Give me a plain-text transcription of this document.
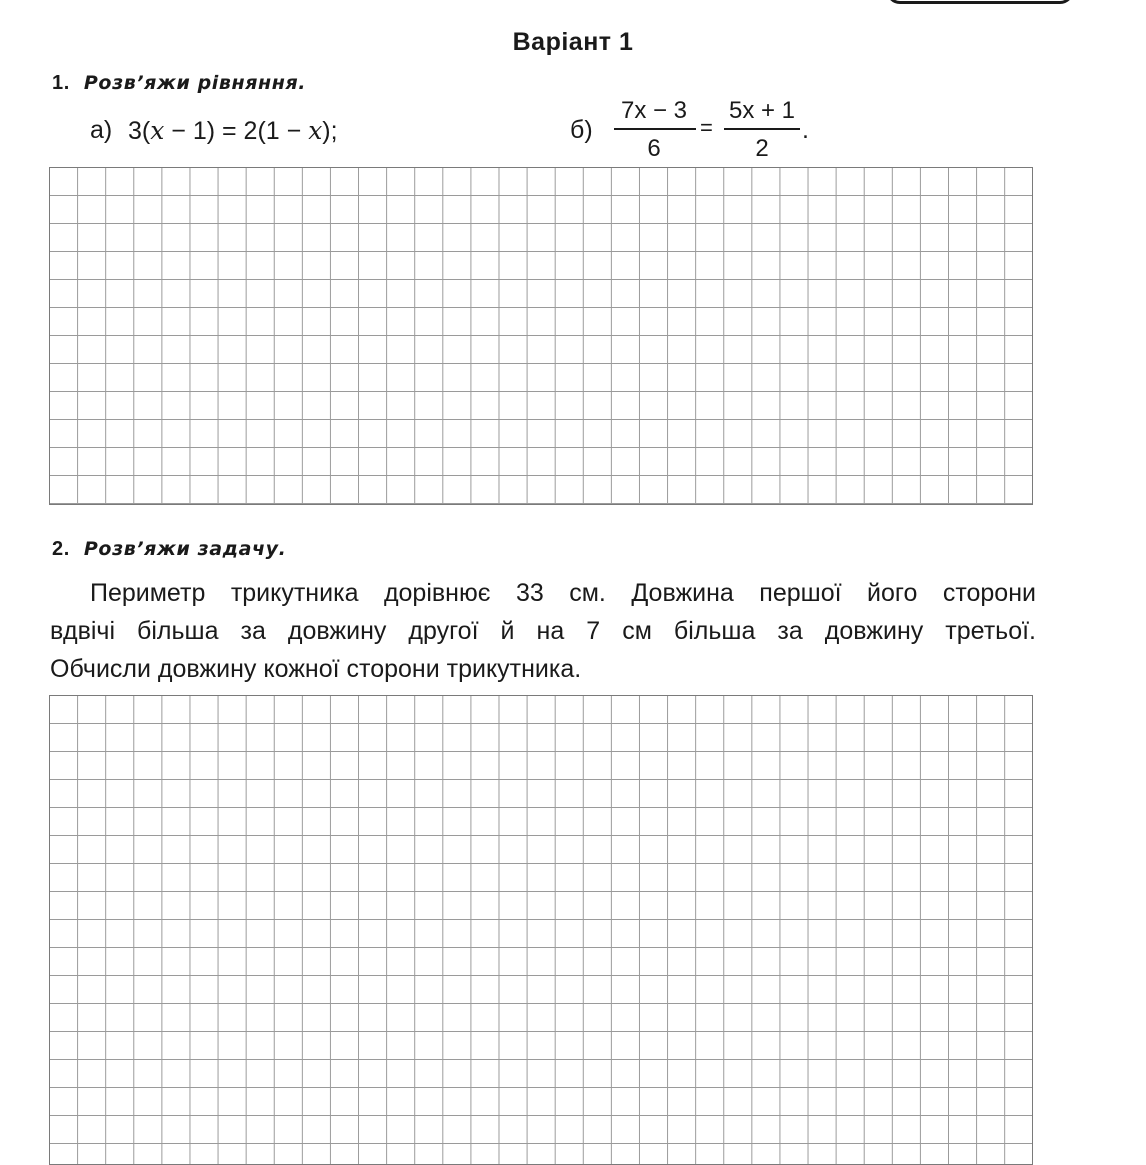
Варіант 1
1. Розв’яжи рівняння.
а) 3(x − 1) = 2(1 − x);	б)
7x − 3
6
=
5x + 1
2
.
2. Розв’яжи задачу.
Периметр трикутника дорівнює 33 см. Довжина першої його сторони
вдвічі більша за довжину другої й на 7 см більша за довжину третьої.
Обчисли довжину кожної сторони трикутника.
